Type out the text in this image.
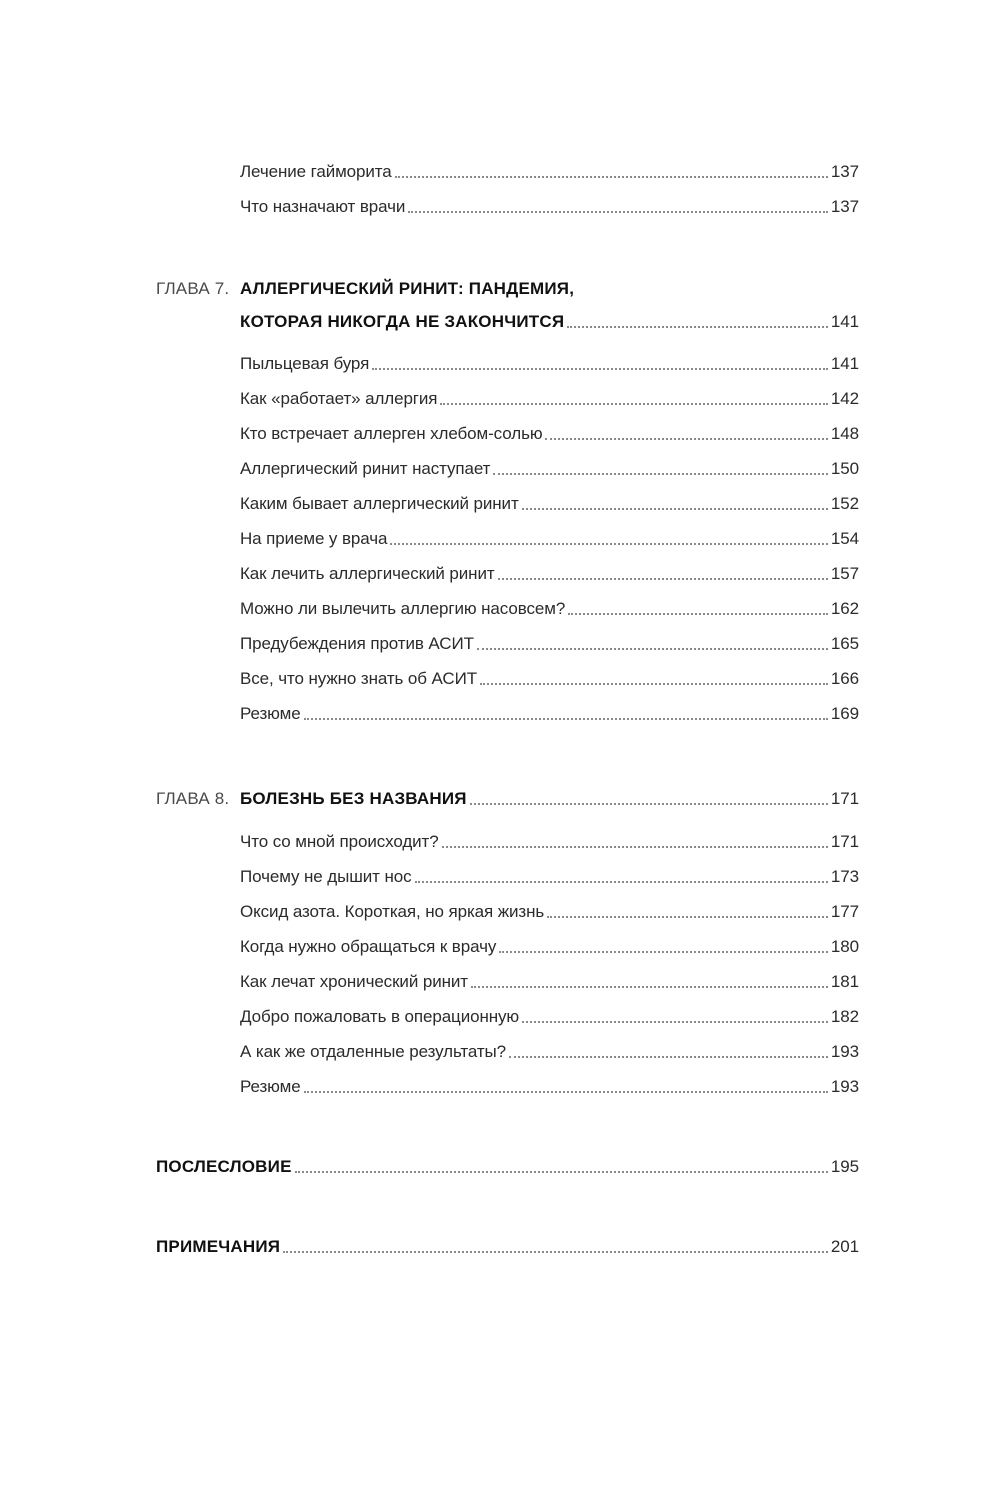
Лечение гайморита	137
Что назначают врачи	137
ГЛАВА 7. АЛЛЕРГИЧЕСКИЙ РИНИТ: ПАНДЕМИЯ,
КОТОРАЯ НИКОГДА НЕ ЗАКОНЧИТСЯ	141
Пыльцевая буря	141
Как «работает» аллергия	142
Кто встречает аллерген хлебом-солью	148
Аллергический ринит наступает	150
Каким бывает аллергический ринит	152
На приеме у врача	154
Как лечить аллергический ринит	157
Можно ли вылечить аллергию насовсем?	162
Предубеждения против АСИТ	165
Все, что нужно знать об АСИТ	166
Резюме	169
ГЛАВА 8. БОЛЕЗНЬ БЕЗ НАЗВАНИЯ	171
Что со мной происходит?	171
Почему не дышит нос	173
Оксид азота. Короткая, но яркая жизнь	177
Когда нужно обращаться к врачу	180
Как лечат хронический ринит	181
Добро пожаловать в операционную	182
А как же отдаленные результаты?	193
Резюме	193
ПОСЛЕСЛОВИЕ	195
ПРИМЕЧАНИЯ	201
